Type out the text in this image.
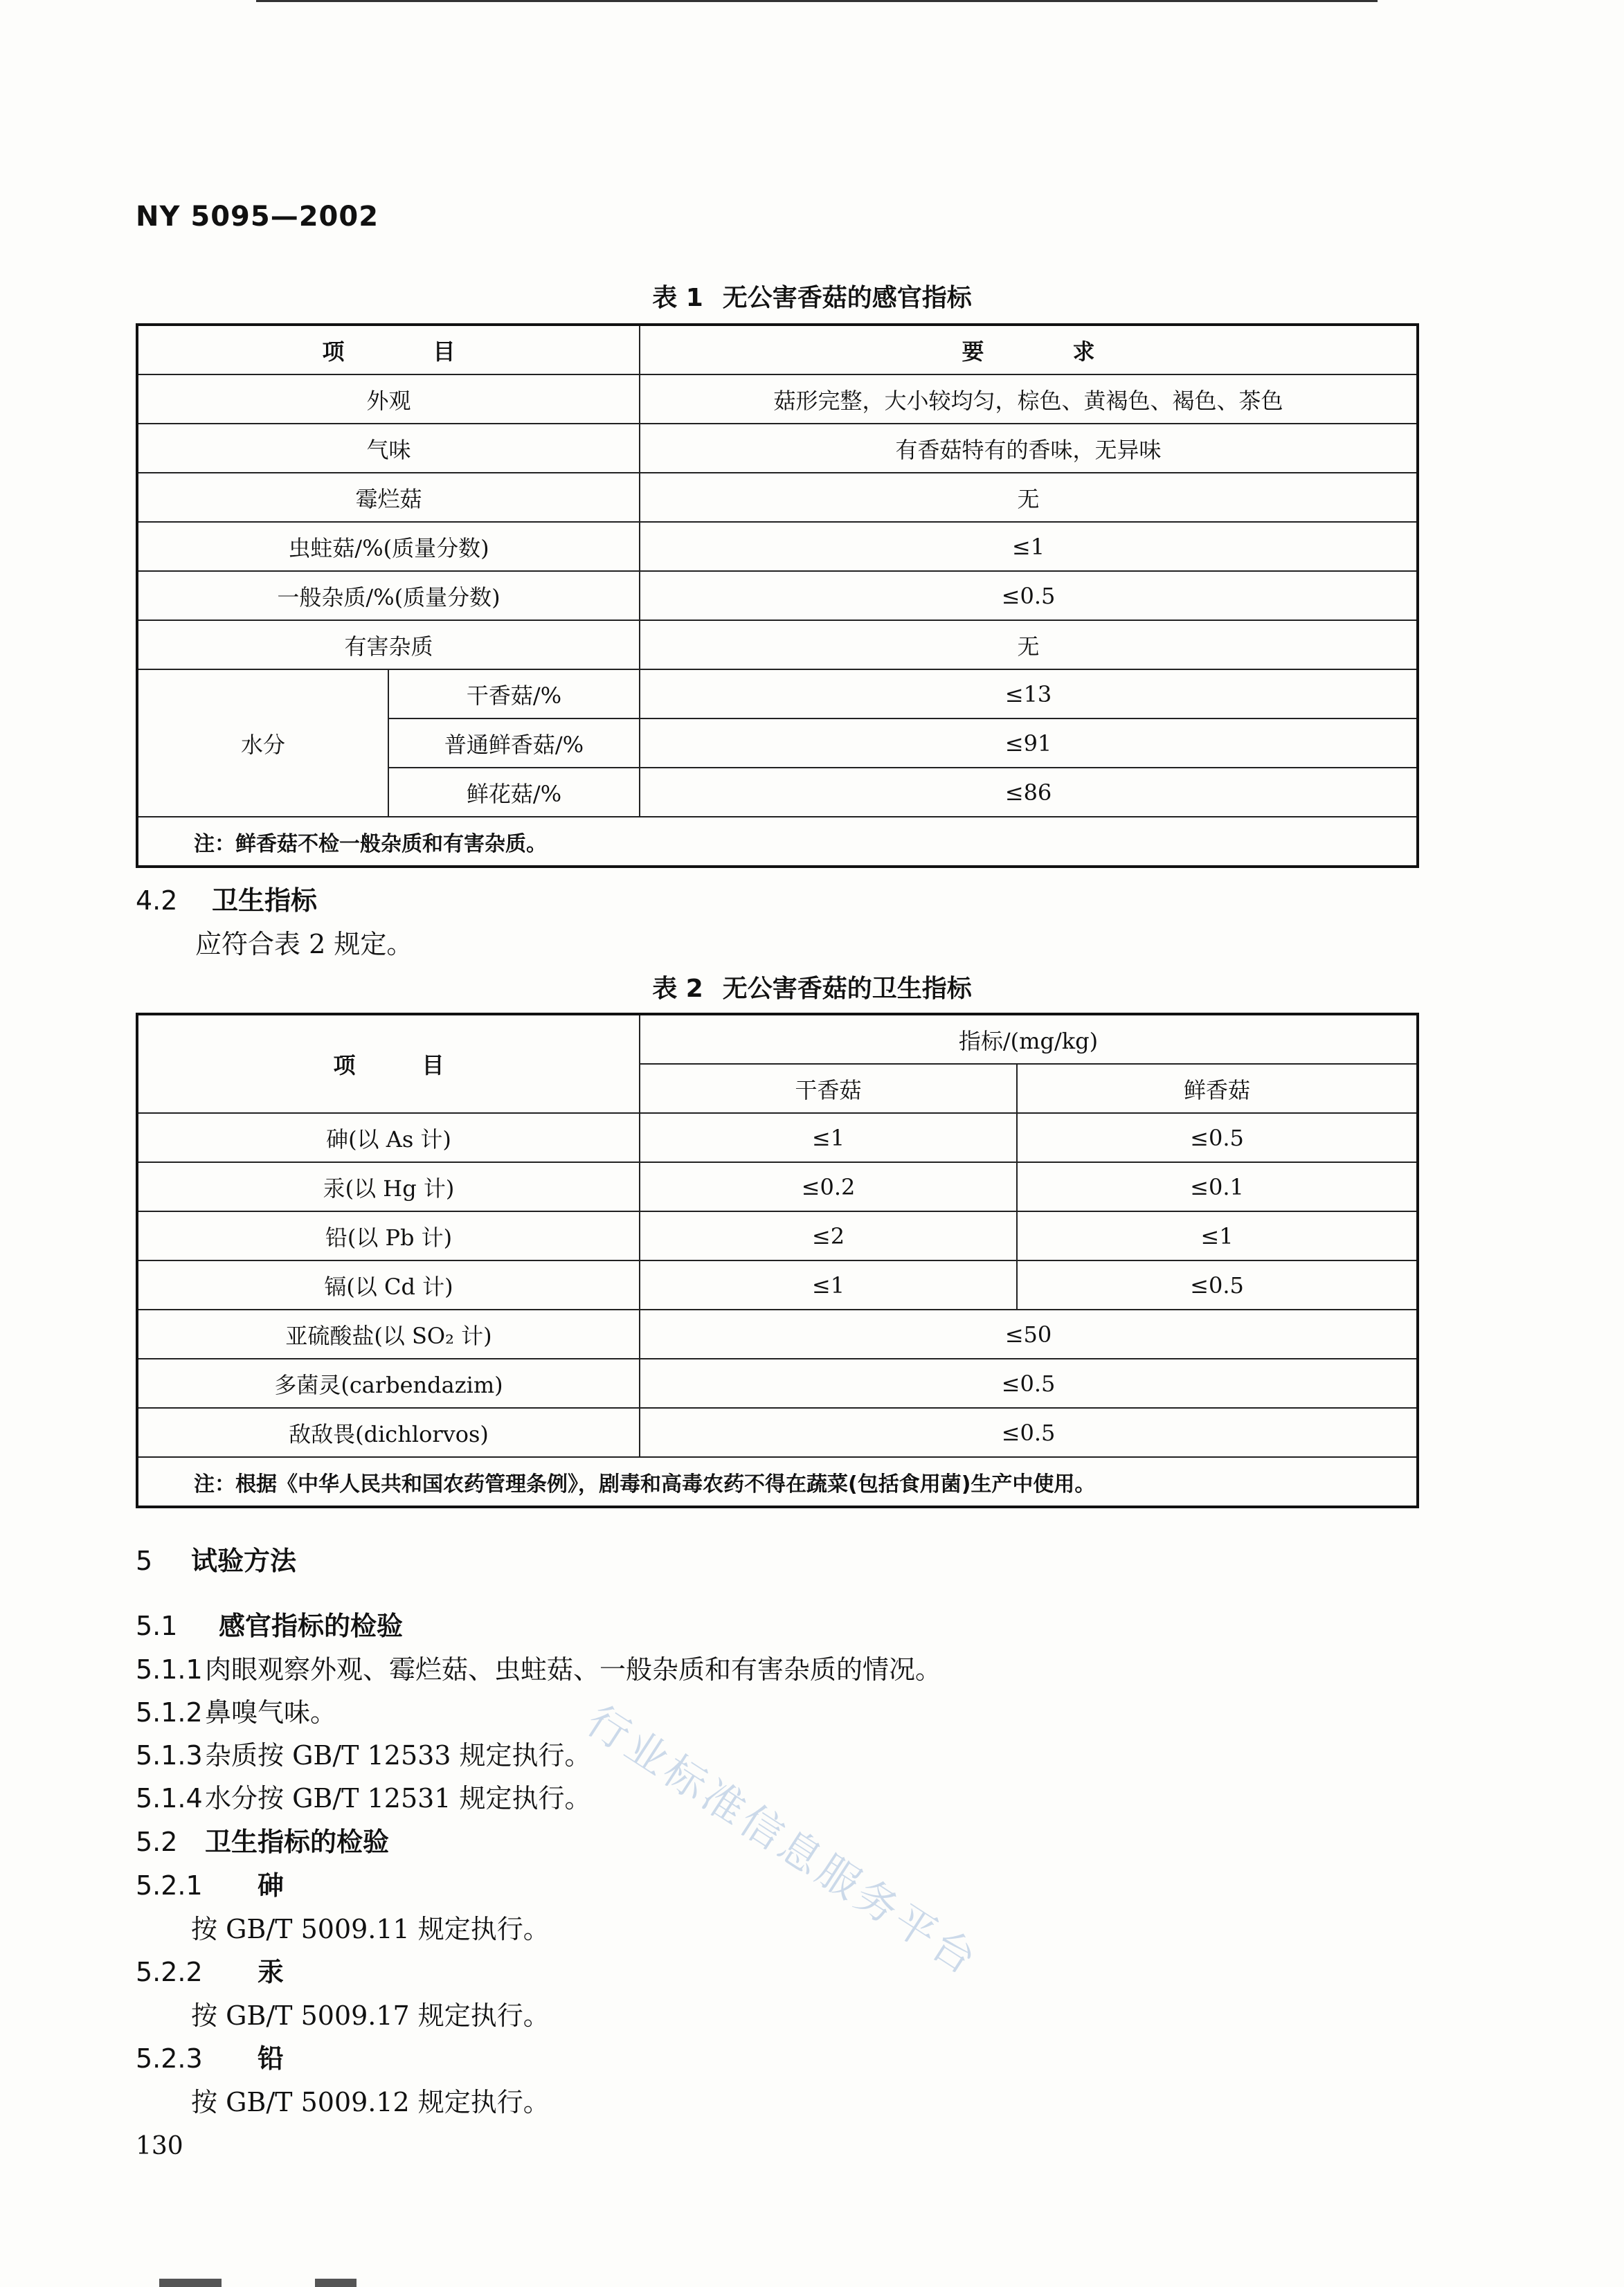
NY 5095—2002
表 1 无公害香菇的感官指标
项　　　　目		要　　　　求
外观		菇形完整，大小较均匀，棕色、黄褐色、褐色、茶色
气味		有香菇特有的香味，无异味
霉烂菇		无
虫蛀菇/%(质量分数)		≤1
一般杂质/%(质量分数)		≤0.5
有害杂质		无
水分	干香菇/%	≤13
	普通鲜香菇/%	≤91
	鲜花菇/%	≤86
注：鲜香菇不检一般杂质和有害杂质。		
4.2 卫生指标
应符合表 2 规定。
表 2 无公害香菇的卫生指标
项　　　目	指标/(mg/kg)	
	干香菇	鲜香菇
砷(以 As 计)	≤1	≤0.5
汞(以 Hg 计)	≤0.2	≤0.1
铅(以 Pb 计)	≤2	≤1
镉(以 Cd 计)	≤1	≤0.5
亚硫酸盐(以 SO₂ 计)	≤50	
多菌灵(carbendazim)	≤0.5	
敌敌畏(dichlorvos)	≤0.5	
注：根据《中华人民共和国农药管理条例》，剧毒和高毒农药不得在蔬菜(包括食用菌)生产中使用。		
5 试验方法
5.1 感官指标的检验
5.1.1肉眼观察外观、霉烂菇、虫蛀菇、一般杂质和有害杂质的情况。
5.1.2鼻嗅气味。
5.1.3杂质按 GB/T 12533 规定执行。
5.1.4水分按 GB/T 12531 规定执行。
5.2 卫生指标的检验
5.2.1 砷
按 GB/T 5009.11 规定执行。
5.2.2 汞
按 GB/T 5009.17 规定执行。
5.2.3 铅
按 GB/T 5009.12 规定执行。
行业标准信息服务平台
130
